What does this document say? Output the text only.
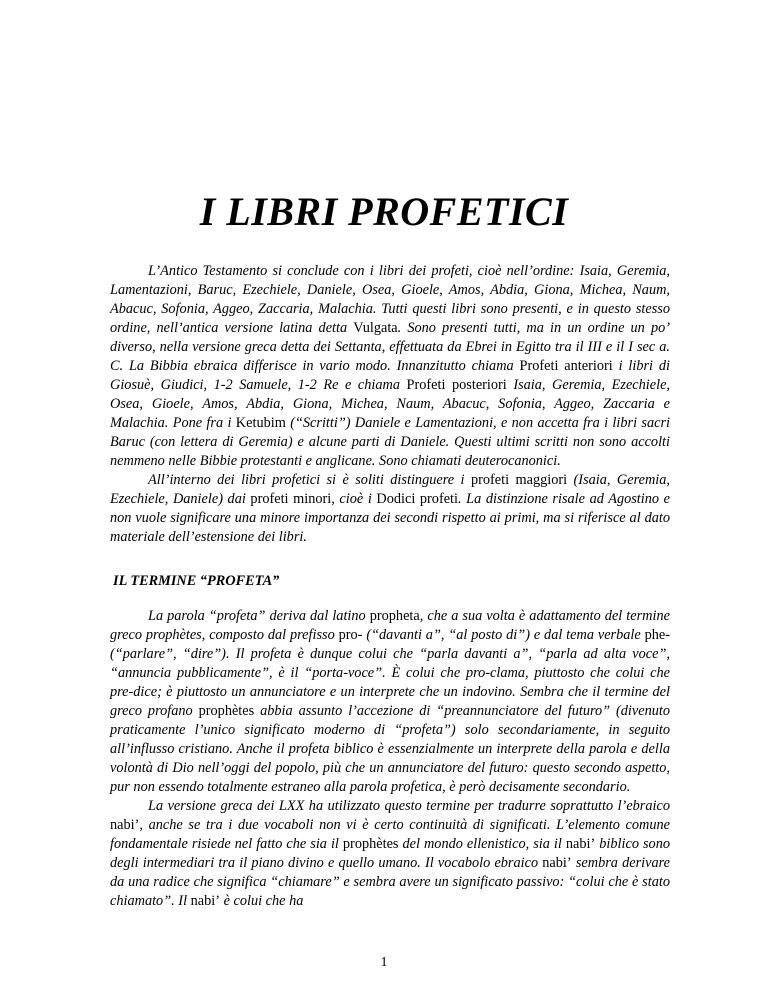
I LIBRI PROFETICI

L’Antico Testamento si conclude con i libri dei profeti, cioè nell’ordine: Isaia, Geremia, Lamentazioni, Baruc, Ezechiele, Daniele, Osea, Gioele, Amos, Abdia, Giona, Michea, Naum, Abacuc, Sofonia, Aggeo, Zaccaria, Malachia. Tutti questi libri sono presenti, e in questo stesso ordine, nell’antica versione latina detta Vulgata. Sono presenti tutti, ma in un ordine un po’ diverso, nella versione greca detta dei Settanta, effettuata da Ebrei in Egitto tra il III e il I sec a. C. La Bibbia ebraica differisce in vario modo. Innanzitutto chiama Profeti anteriori i libri di Giosuè, Giudici, 1-2 Samuele, 1-2 Re e chiama Profeti posteriori Isaia, Geremia, Ezechiele, Osea, Gioele, Amos, Abdia, Giona, Michea, Naum, Abacuc, Sofonia, Aggeo, Zaccaria e Malachia. Pone fra i Ketubim (“Scritti”) Daniele e Lamentazioni, e non accetta fra i libri sacri Baruc (con lettera di Geremia) e alcune parti di Daniele. Questi ultimi scritti non sono accolti nemmeno nelle Bibbie protestanti e anglicane. Sono chiamati deuterocanonici.

All’interno dei libri profetici si è soliti distinguere i profeti maggiori (Isaia, Geremia, Ezechiele, Daniele) dai profeti minori, cioè i Dodici profeti. La distinzione risale ad Agostino e non vuole significare una minore importanza dei secondi rispetto ai primi, ma si riferisce al dato materiale dell’estensione dei libri.

IL TERMINE “PROFETA”

La parola “profeta” deriva dal latino propheta, che a sua volta è adattamento del termine greco prophètes, composto dal prefisso pro- (“davanti a”, “al posto di”) e dal tema verbale phe- (“parlare”, “dire”). Il profeta è dunque colui che “parla davanti a”, “parla ad alta voce”, “annuncia pubblicamente”, è il “porta-voce”. È colui che pro-clama, piuttosto che colui che pre-dice; è piuttosto un annunciatore e un interprete che un indovino. Sembra che il termine del greco profano prophètes abbia assunto l’accezione di “preannunciatore del futuro” (divenuto praticamente l’unico significato moderno di “profeta”) solo secondariamente, in seguito all’influsso cristiano. Anche il profeta biblico è essenzialmente un interprete della parola e della volontà di Dio nell’oggi del popolo, più che un annunciatore del futuro: questo secondo aspetto, pur non essendo totalmente estraneo alla parola profetica, è però decisamente secondario.

La versione greca dei LXX ha utilizzato questo termine per tradurre soprattutto l’ebraico nabi’, anche se tra i due vocaboli non vi è certo continuità di significati. L’elemento comune fondamentale risiede nel fatto che sia il prophètes del mondo ellenistico, sia il nabi’ biblico sono degli intermediari tra il piano divino e quello umano. Il vocabolo ebraico nabi’ sembra derivare da una radice che significa “chiamare” e sembra avere un significato passivo: “colui che è stato chiamato”. Il nabi’ è colui che ha

1
